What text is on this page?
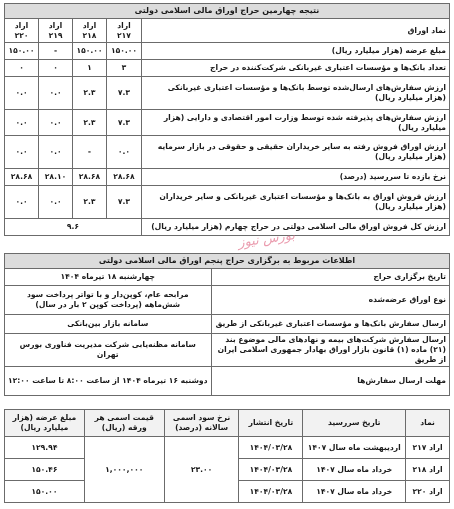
نتیجه چهارمین حراج اوراق مالی اسلامی دولتی				
نماد اوراق	اراد ۲۱۷	اراد ۲۱۸	اراد ۲۱۹	اراد ۲۲۰
مبلغ عرضه (هزار میلیارد ریال)	۱۵۰.۰۰	۱۵۰.۰۰	-	۱۵۰.۰۰
تعداد بانک‌ها و مؤسسات اعتباری غیربانکی شرکت‌کننده در حراج	۳	۱	۰	۰
ارزش سفارش‌های ارسال‌شده توسط بانک‌ها و مؤسسات اعتباری غیربانکی (هزار میلیارد ریال)	۷.۳	۲.۳	۰.۰	۰.۰
ارزش سفارش‌های پذیرفته شده توسط وزارت امور اقتصادی و دارایی (هزار میلیارد ریال)	۷.۳	۲.۳	۰.۰	۰.۰
ارزش اوراق فروش رفته به سایر خریداران حقیقی و حقوقی در بازار سرمایه (هزار میلیارد ریال)	۰.۰	-	۰.۰	۰.۰
نرخ بازده تا سررسید (درصد)	۲۸.۶۸	۲۸.۶۸	۲۸.۱۰	۲۸.۶۸
ارزش فروش اوراق به بانک‌ها و مؤسسات اعتباری غیربانکی و سایر خریداران (هزار میلیارد ریال)	۷.۳	۲.۳	۰.۰	۰.۰
ارزش کل فروش اوراق مالی اسلامی دولتی در حراج چهارم (هزار میلیارد ریال)	۹.۶			
بورس نیوز
اطلاعات مربوط به برگزاری حراج پنجم اوراق مالی اسلامی دولتی	
تاریخ برگزاری حراج	چهارشنبه ۱۸ تیرماه ۱۴۰۴
نوع اوراق عرضه‌شده	مرابحه عام، کوپن‌دار و با تواتر پرداخت سود شش‌ماهه (پرداخت کوپن ۲ بار در سال)
ارسال سفارش بانک‌ها و مؤسسات اعتباری غیربانکی از طریق	سامانه بازار بین‌بانکی
ارسال سفارش شرکت‌های بیمه و نهادهای مالی موضوع بند (۲۱) ماده (۱) قانون بازار اوراق بهادار جمهوری اسلامی ایران از طریق	سامانه مظنه‌یابی شرکت مدیریت فناوری بورس تهران
مهلت ارسال سفارش‌ها	دوشنبه ۱۶ تیرماه ۱۴۰۴ از ساعت ۸:۰۰ تا ساعت ۱۲:۰۰
نماد	تاریخ سررسید	تاریخ انتشار	نرخ سود اسمی سالانه (درصد)	قیمت اسمی هر ورقه (ریال)	مبلغ عرضه (هزار میلیارد ریال)
اراد ۲۱۷	اردیبهشت ماه سال ۱۴۰۷	۱۴۰۴/۰۳/۲۸	۲۳.۰۰	۱,۰۰۰,۰۰۰	۱۲۹.۹۴
اراد ۲۱۸	خرداد ماه سال ۱۴۰۷	۱۴۰۴/۰۳/۲۸			۱۵۰.۴۶
اراد ۲۲۰	خرداد ماه سال ۱۴۰۷	۱۴۰۴/۰۳/۲۸			۱۵۰.۰۰
